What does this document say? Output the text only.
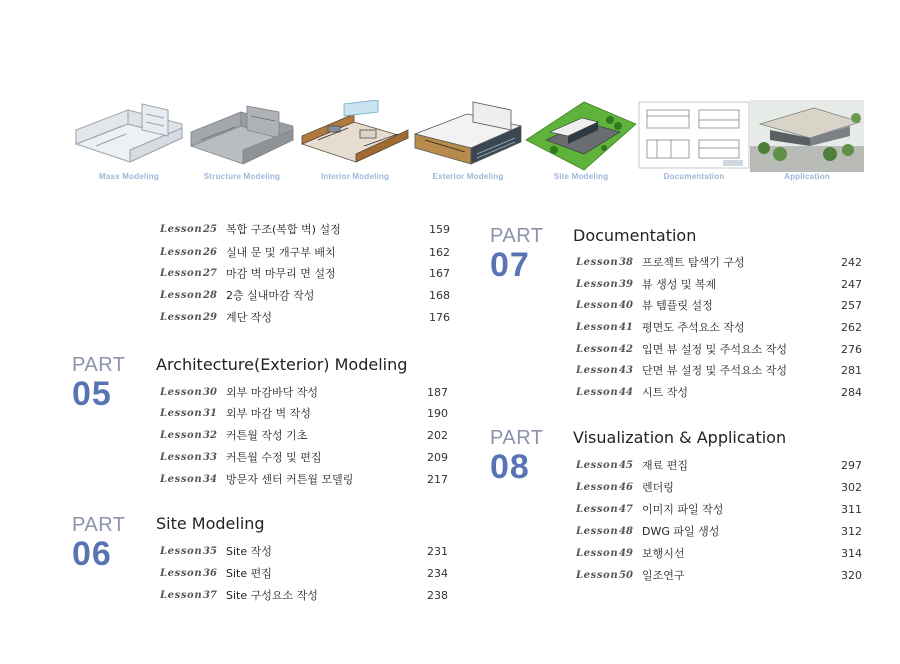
Mass Modeling	Structure Modeling	Interior Modeling	Exterior Modeling	Site Modeling	Documentation	Application
Lesson 25 복합 구조(복합 벽) 설정	159
Lesson 26 실내 문 및 개구부 배치	162
Lesson 27 마감 벽 마무리 면 설정	167
Lesson 28 2층 실내마감 작성	168
Lesson 29 계단 작성	176
PART
05
Architecture(Exterior) Modeling
Lesson 30 외부 마감바닥 작성	187
Lesson 31 외부 마감 벽 작성	190
Lesson 32 커튼월 작성 기초	202
Lesson 33 커튼월 수정 및 편집	209
Lesson 34 방문자 센터 커튼월 모델링	217
PART
06
Site Modeling
Lesson 35 Site 작성	231
Lesson 36 Site 편집	234
Lesson 37 Site 구성요소 작성	238
PART
07
Documentation
Lesson 38 프로젝트 탐색기 구성	242
Lesson 39 뷰 생성 및 복제	247
Lesson 40 뷰 템플릿 설정	257
Lesson 41 평면도 주석요소 작성	262
Lesson 42 입면 뷰 설정 및 주석요소 작성	276
Lesson 43 단면 뷰 설정 및 주석요소 작성	281
Lesson 44 시트 작성	284
PART
08
Visualization & Application
Lesson 45 재료 편집	297
Lesson 46 렌더링	302
Lesson 47 이미지 파일 작성	311
Lesson 48 DWG 파일 생성	312
Lesson 49 보행시선	314
Lesson 50 일조연구	320
